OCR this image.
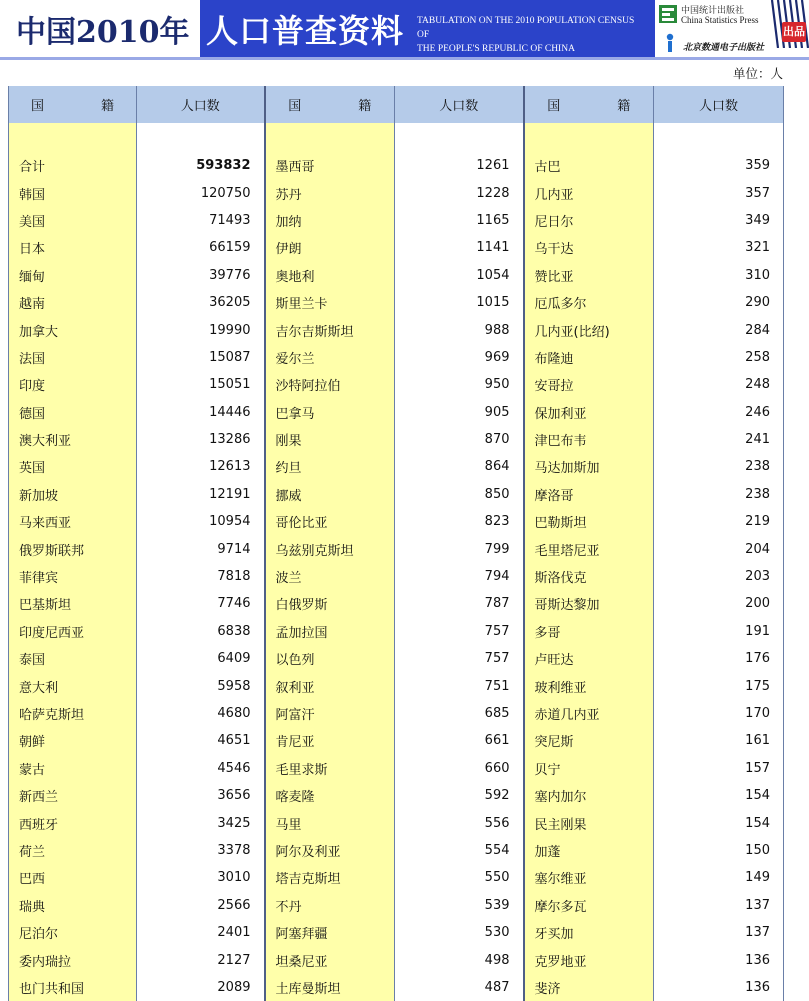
中国2010年 人口普查资料 TABULATION ON THE 2010 POPULATION CENSUS OF
THE PEOPLE'S REPUBLIC OF CHINA
中国统计出版社
China Statistics Press
北京数通电子出版社
出品
单位：人
国　籍	人口数	国　籍	人口数	国　籍	人口数

合计	593832	墨西哥	1261	古巴	359
韩国	120750	苏丹	1228	几内亚	357
美国	71493	加纳	1165	尼日尔	349
日本	66159	伊朗	1141	乌干达	321
缅甸	39776	奥地利	1054	赞比亚	310
越南	36205	斯里兰卡	1015	厄瓜多尔	290
加拿大	19990	吉尔吉斯斯坦	988	几内亚(比绍)	284
法国	15087	爱尔兰	969	布隆迪	258
印度	15051	沙特阿拉伯	950	安哥拉	248
德国	14446	巴拿马	905	保加利亚	246
澳大利亚	13286	刚果	870	津巴布韦	241
英国	12613	约旦	864	马达加斯加	238
新加坡	12191	挪威	850	摩洛哥	238
马来西亚	10954	哥伦比亚	823	巴勒斯坦	219
俄罗斯联邦	9714	乌兹别克斯坦	799	毛里塔尼亚	204
菲律宾	7818	波兰	794	斯洛伐克	203
巴基斯坦	7746	白俄罗斯	787	哥斯达黎加	200
印度尼西亚	6838	孟加拉国	757	多哥	191
泰国	6409	以色列	757	卢旺达	176
意大利	5958	叙利亚	751	玻利维亚	175
哈萨克斯坦	4680	阿富汗	685	赤道几内亚	170
朝鲜	4651	肯尼亚	661	突尼斯	161
蒙古	4546	毛里求斯	660	贝宁	157
新西兰	3656	喀麦隆	592	塞内加尔	154
西班牙	3425	马里	556	民主刚果	154
荷兰	3378	阿尔及利亚	554	加蓬	150
巴西	3010	塔吉克斯坦	550	塞尔维亚	149
瑞典	2566	不丹	539	摩尔多瓦	137
尼泊尔	2401	阿塞拜疆	530	牙买加	137
委内瑞拉	2127	坦桑尼亚	498	克罗地亚	136
也门共和国	2089	土库曼斯坦	487	斐济	136
